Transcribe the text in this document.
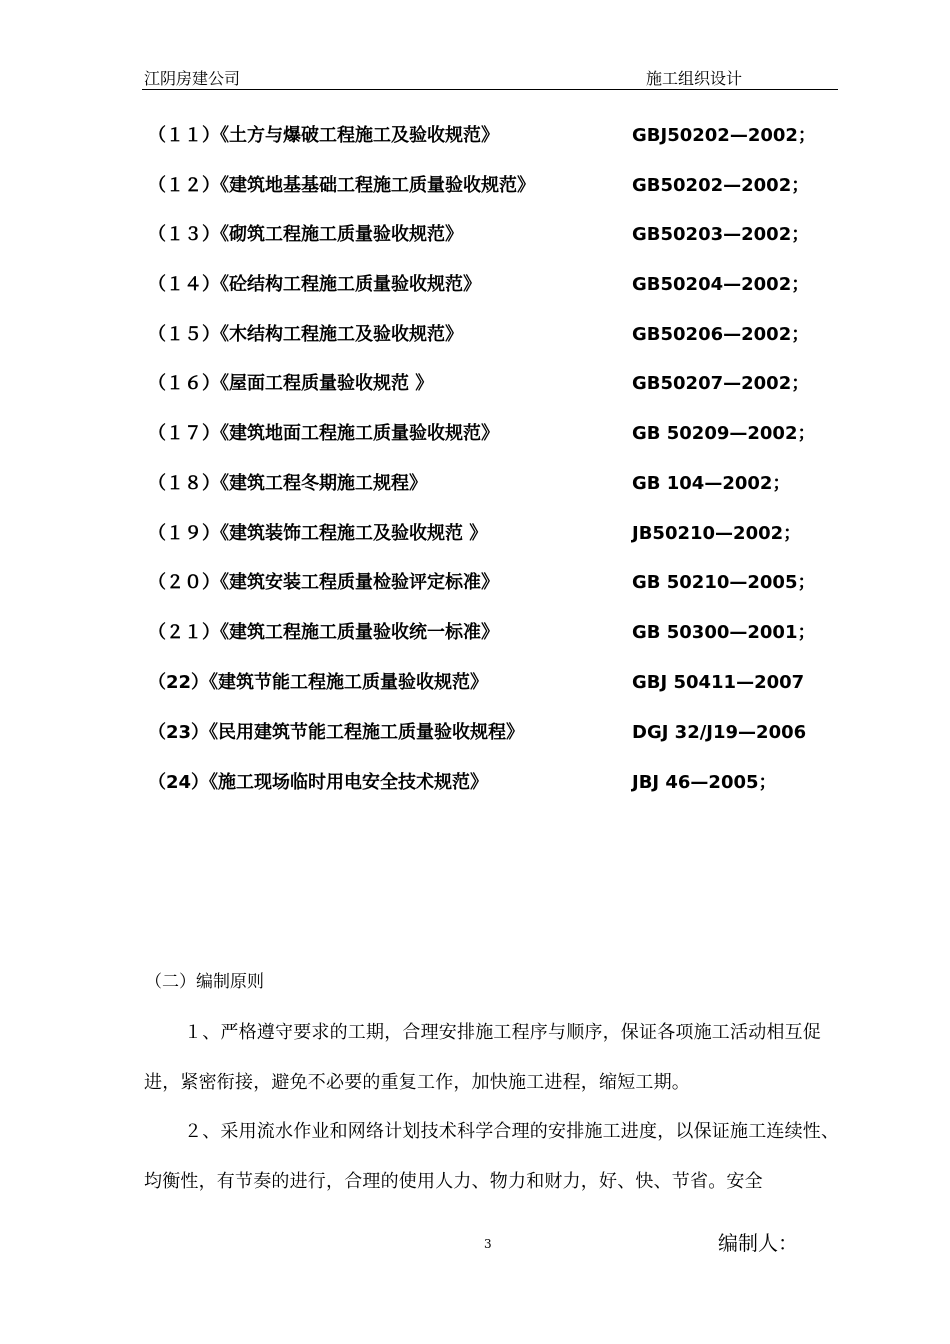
江阴房建公司	施工组织设计
（１１）《土方与爆破工程施工及验收规范》	GBJ50202—2002；
（１２）《建筑地基基础工程施工质量验收规范》	GB50202—2002；
（１３）《砌筑工程施工质量验收规范》	GB50203—2002；
（１４）《砼结构工程施工质量验收规范》	GB50204—2002；
（１５）《木结构工程施工及验收规范》	GB50206—2002；
（１６）《屋面工程质量验收规范 》	GB50207—2002；
（１７）《建筑地面工程施工质量验收规范》	GB 50209—2002；
（１８）《建筑工程冬期施工规程》	GB 104—2002；
（１９）《建筑装饰工程施工及验收规范 》	JB50210—2002；
（２０）《建筑安装工程质量检验评定标准》	GB 50210—2005；
（２１）《建筑工程施工质量验收统一标准》	GB 50300—2001；
（22）《建筑节能工程施工质量验收规范》	GBJ 50411—2007
（23）《民用建筑节能工程施工质量验收规程》	DGJ 32/J19—2006
（24）《施工现场临时用电安全技术规范》	JBJ 46—2005；
（二）编制原则
１、严格遵守要求的工期，合理安排施工程序与顺序，保证各项施工活动相互促进，紧密衔接，避免不必要的重复工作，加快施工进程，缩短工期。
２、采用流水作业和网络计划技术科学合理的安排施工进度，以保证施工连续性、均衡性，有节奏的进行，合理的使用人力、物力和财力，好、快、节省。安全
3	编制人：
